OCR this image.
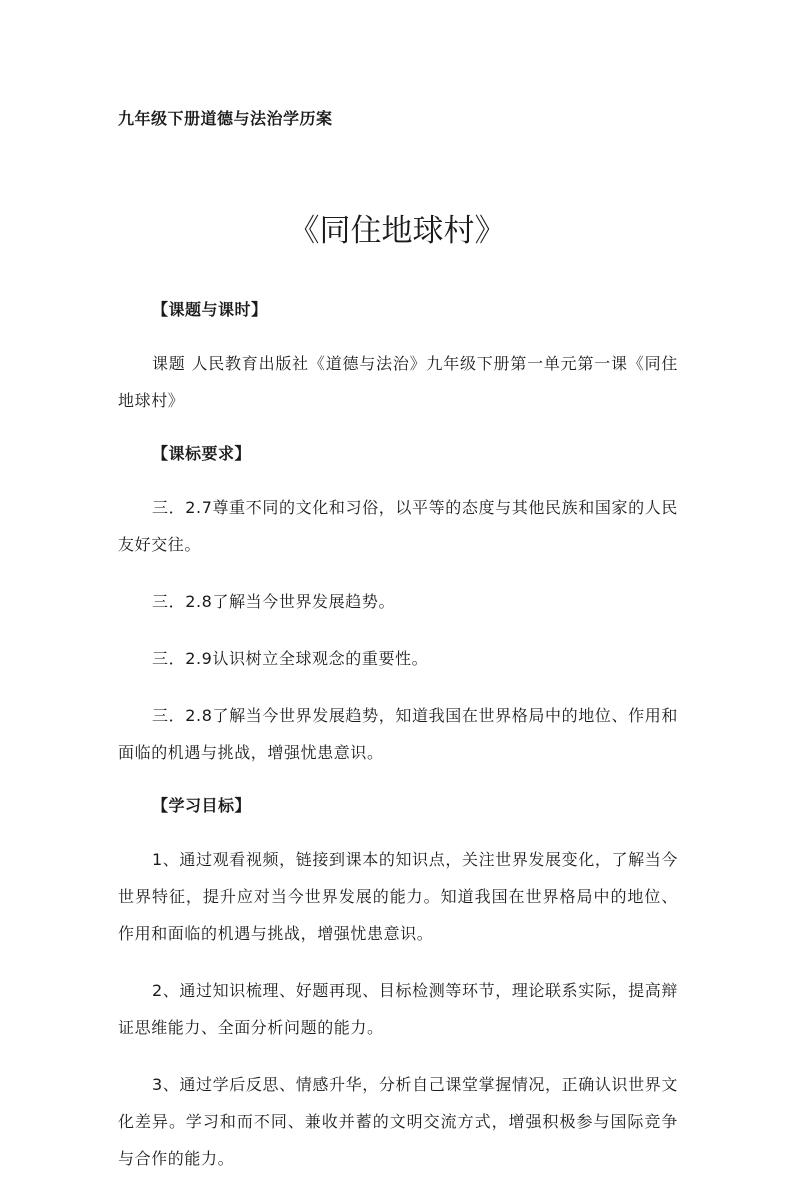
九年级下册道德与法治学历案

《同住地球村》

【课题与课时】

课题 人民教育出版社《道德与法治》九年级下册第一单元第一课《同住地球村》

【课标要求】

三．2.7尊重不同的文化和习俗，以平等的态度与其他民族和国家的人民友好交往。

三．2.8了解当今世界发展趋势。

三．2.9认识树立全球观念的重要性。

三．2.8了解当今世界发展趋势，知道我国在世界格局中的地位、作用和面临的机遇与挑战，增强忧患意识。

【学习目标】

1、通过观看视频，链接到课本的知识点，关注世界发展变化，了解当今世界特征，提升应对当今世界发展的能力。知道我国在世界格局中的地位、作用和面临的机遇与挑战，增强忧患意识。

2、通过知识梳理、好题再现、目标检测等环节，理论联系实际，提高辩证思维能力、全面分析问题的能力。

3、通过学后反思、情感升华，分析自己课堂掌握情况，正确认识世界文化差异。学习和而不同、兼收并蓄的文明交流方式，增强积极参与国际竞争与合作的能力。
